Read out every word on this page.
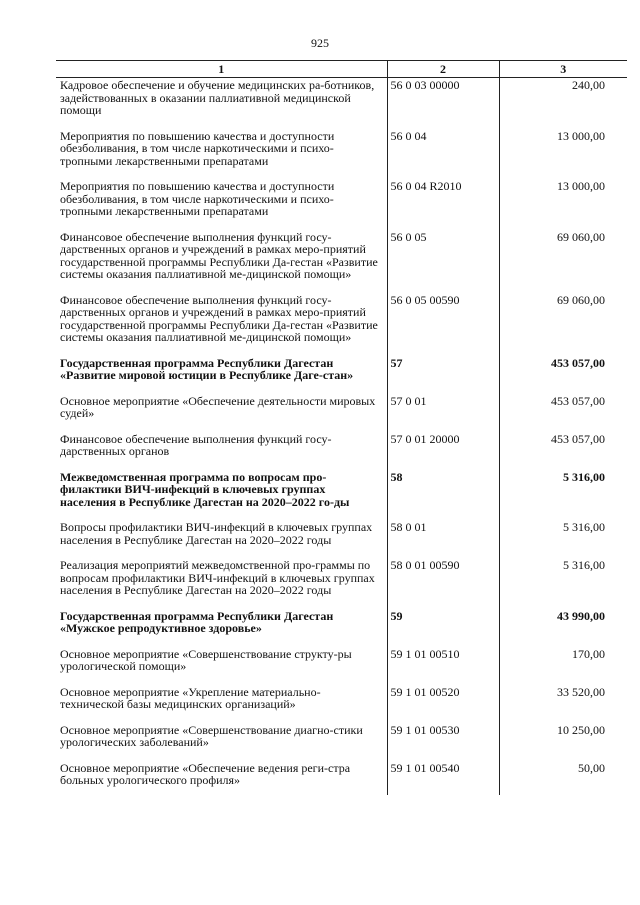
925
1	2	3
Кадровое обеспечение и обучение медицинских ра-ботников, задействованных в оказании паллиативной медицинской помощи	56 0 03 00000	240,00
Мероприятия по повышению качества и доступности обезболивания, в том числе наркотическими и психо-тропными лекарственными препаратами	56 0 04	13 000,00
Мероприятия по повышению качества и доступности обезболивания, в том числе наркотическими и психо-тропными лекарственными препаратами	56 0 04 R2010	13 000,00
Финансовое обеспечение выполнения функций госу-дарственных органов и учреждений в рамках меро-приятий государственной программы Республики Да-гестан «Развитие системы оказания паллиативной ме-дицинской помощи»	56 0 05	69 060,00
Финансовое обеспечение выполнения функций госу-дарственных органов и учреждений в рамках меро-приятий государственной программы Республики Да-гестан «Развитие системы оказания паллиативной ме-дицинской помощи»	56 0 05 00590	69 060,00
Государственная программа Республики Дагестан «Развитие мировой юстиции в Республике Даге-стан»	57	453 057,00
Основное мероприятие «Обеспечение деятельности мировых судей»	57 0 01	453 057,00
Финансовое обеспечение выполнения функций госу-дарственных органов	57 0 01 20000	453 057,00
Межведомственная программа по вопросам про-филактики ВИЧ-инфекций в ключевых группах населения в Республике Дагестан на 2020–2022 го-ды	58	5 316,00
Вопросы профилактики ВИЧ-инфекций в ключевых группах населения в Республике Дагестан на 2020–2022 годы	58 0 01	5 316,00
Реализация мероприятий межведомственной про-граммы по вопросам профилактики ВИЧ-инфекций в ключевых группах населения в Республике Дагестан на 2020–2022 годы	58 0 01 00590	5 316,00
Государственная программа Республики Дагестан «Мужское репродуктивное здоровье»	59	43 990,00
Основное мероприятие «Совершенствование структу-ры урологической помощи»	59 1 01 00510	170,00
Основное мероприятие «Укрепление материально-технической базы медицинских организаций»	59 1 01 00520	33 520,00
Основное мероприятие «Совершенствование диагно-стики урологических заболеваний»	59 1 01 00530	10 250,00
Основное мероприятие «Обеспечение ведения реги-стра больных урологического профиля»	59 1 01 00540	50,00
